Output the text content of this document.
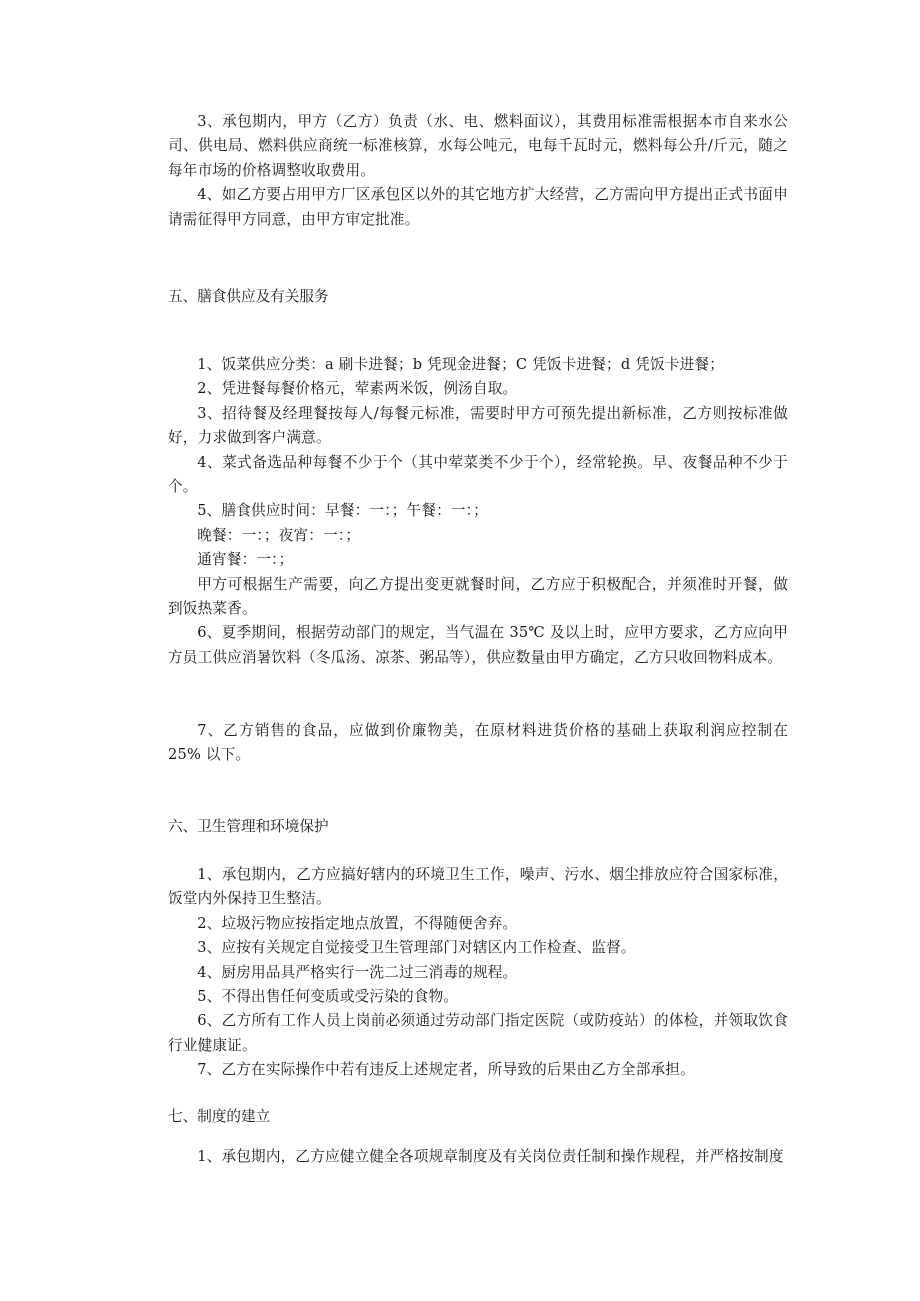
3、承包期内，甲方（乙方）负责（水、电、燃料面议），其费用标准需根据本市自来水公司、供电局、燃料供应商统一标准核算，水每公吨元，电每千瓦时元，燃料每公升/斤元，随之每年市场的价格调整收取费用。

4、如乙方要占用甲方厂区承包区以外的其它地方扩大经营，乙方需向甲方提出正式书面申请需征得甲方同意，由甲方审定批准。

五、膳食供应及有关服务

1、饭菜供应分类：a 刷卡进餐；b 凭现金进餐；C 凭饭卡进餐；d 凭饭卡进餐；

2、凭进餐每餐价格元，荤素两米饭，例汤自取。

3、招待餐及经理餐按每人/每餐元标准，需要时甲方可预先提出新标准，乙方则按标准做好，力求做到客户满意。

4、菜式备选品种每餐不少于个（其中荤菜类不少于个），经常轮换。早、夜餐品种不少于个。

5、膳食供应时间：早餐：一：；午餐：一：；

晚餐：一：；夜宵：一：；

通宵餐：一：；

甲方可根据生产需要，向乙方提出变更就餐时间，乙方应于积极配合，并须准时开餐，做到饭热菜香。

6、夏季期间，根据劳动部门的规定，当气温在 35℃ 及以上时，应甲方要求，乙方应向甲方员工供应消暑饮料（冬瓜汤、凉茶、粥品等），供应数量由甲方确定，乙方只收回物料成本。

7、乙方销售的食品，应做到价廉物美，在原材料进货价格的基础上获取利润应控制在 25% 以下。

六、卫生管理和环境保护

1、承包期内，乙方应搞好辖内的环境卫生工作，噪声、污水、烟尘排放应符合国家标准，饭堂内外保持卫生整洁。

2、垃圾污物应按指定地点放置，不得随便舍弃。

3、应按有关规定自觉接受卫生管理部门对辖区内工作检查、监督。

4、厨房用品具严格实行一洗二过三消毒的规程。

5、不得出售任何变质或受污染的食物。

6、乙方所有工作人员上岗前必须通过劳动部门指定医院（或防疫站）的体检，并领取饮食行业健康证。

7、乙方在实际操作中若有违反上述规定者，所导致的后果由乙方全部承担。

七、制度的建立

1、承包期内，乙方应健立健全各项规章制度及有关岗位责任制和操作规程，并严格按制度
